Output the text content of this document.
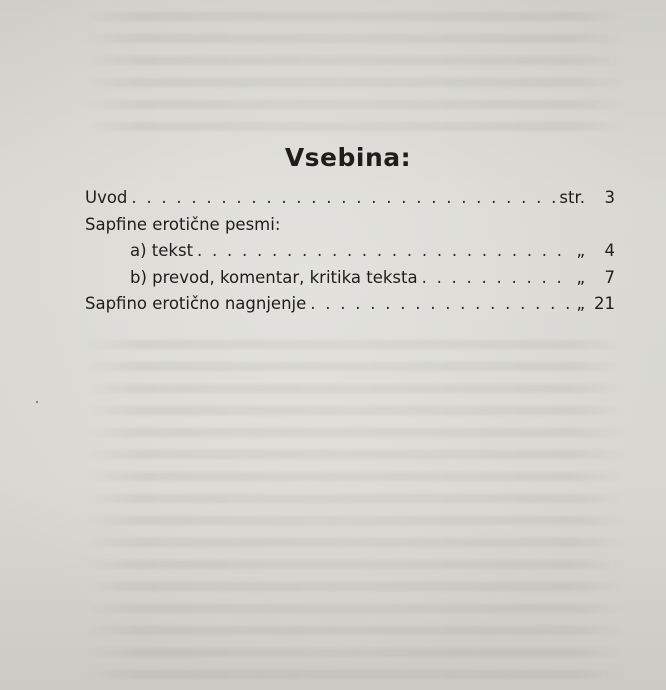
Vsebina:
Uvod . . .	str.	3
Sapfine erotične pesmi:
a) tekst . . .	„	4
b) prevod, komentar, kritika teksta . . .	„	7
Sapfino erotično nagnjenje . . .	„ 21
